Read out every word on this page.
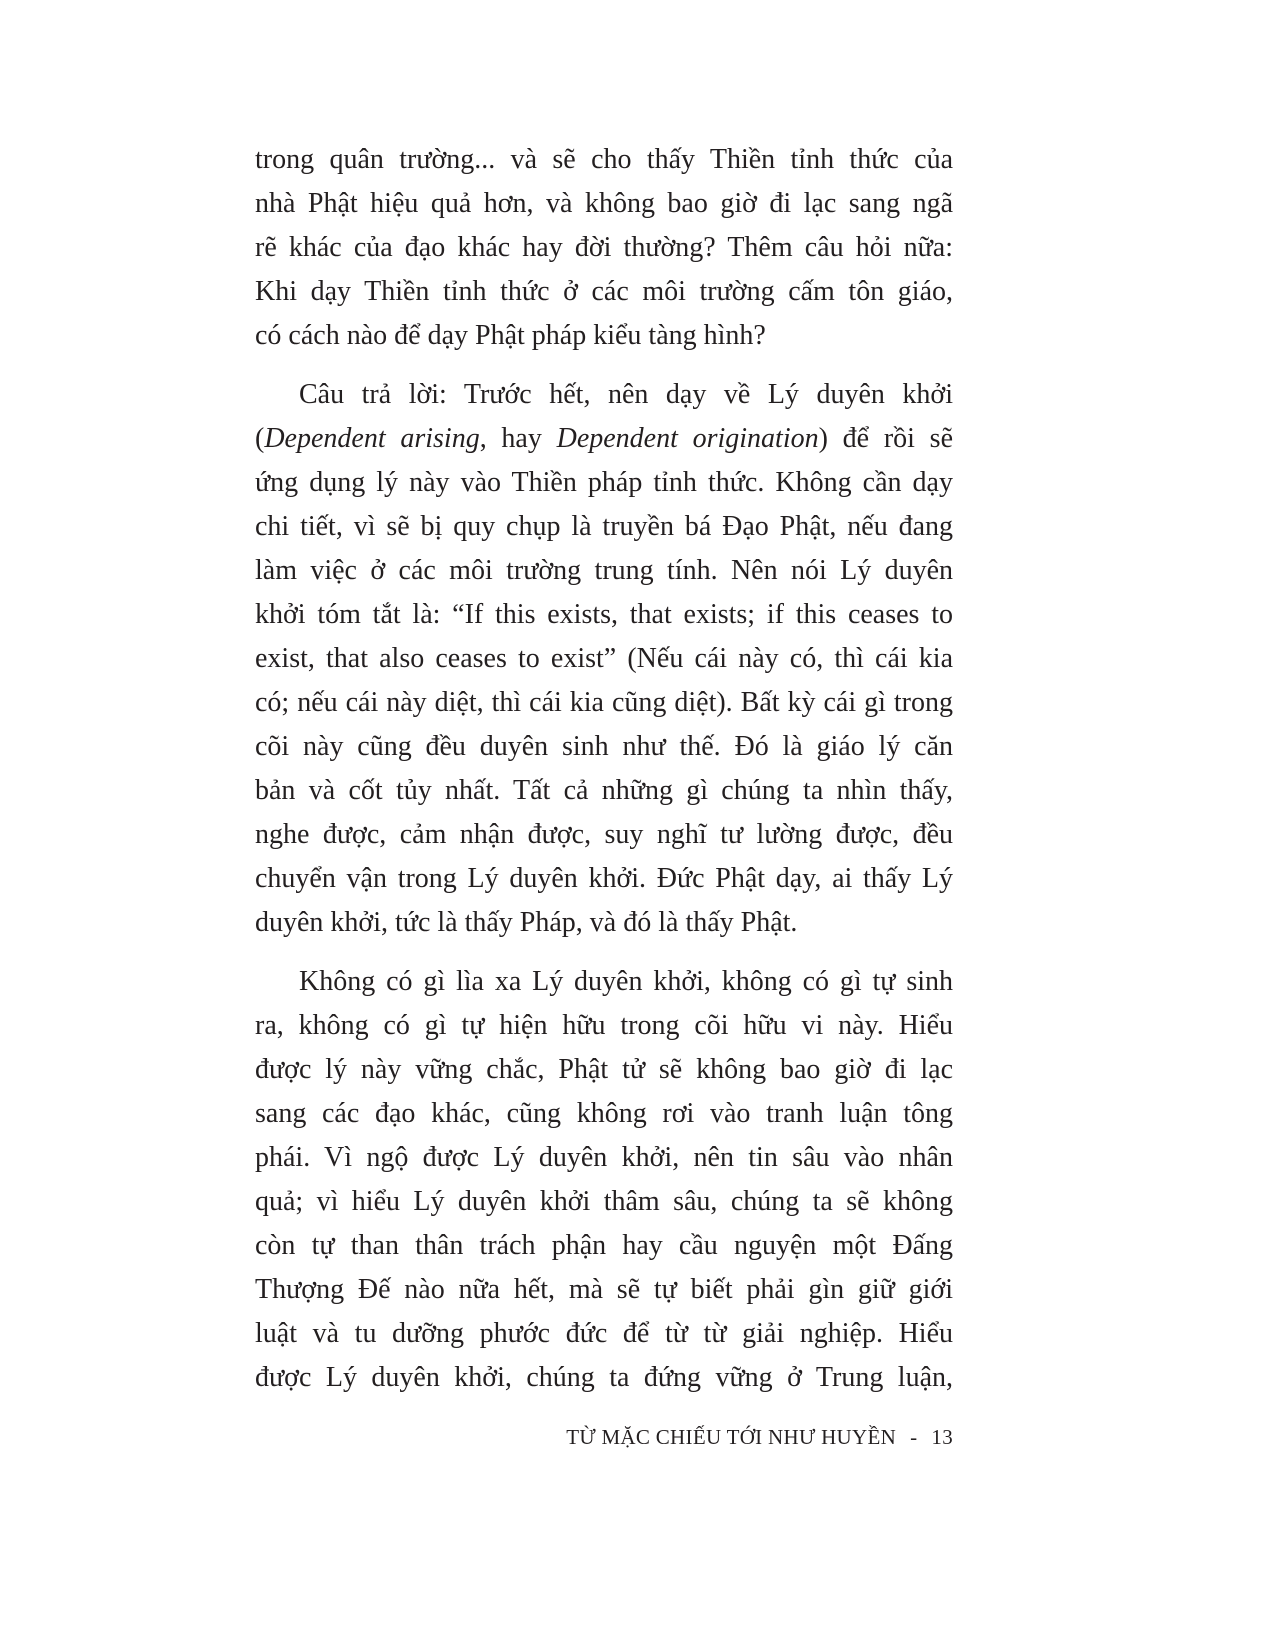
trong quân trường... và sẽ cho thấy Thiền tỉnh thức của
nhà Phật hiệu quả hơn, và không bao giờ đi lạc sang ngã
rẽ khác của đạo khác hay đời thường? Thêm câu hỏi nữa:
Khi dạy Thiền tỉnh thức ở các môi trường cấm tôn giáo,
có cách nào để dạy Phật pháp kiểu tàng hình?
Câu trả lời: Trước hết, nên dạy về Lý duyên khởi
(Dependent arising, hay Dependent origination) để rồi sẽ
ứng dụng lý này vào Thiền pháp tỉnh thức. Không cần dạy
chi tiết, vì sẽ bị quy chụp là truyền bá Đạo Phật, nếu đang
làm việc ở các môi trường trung tính. Nên nói Lý duyên
khởi tóm tắt là: “If this exists, that exists; if this ceases to
exist, that also ceases to exist” (Nếu cái này có, thì cái kia
có; nếu cái này diệt, thì cái kia cũng diệt). Bất kỳ cái gì trong
cõi này cũng đều duyên sinh như thế. Đó là giáo lý căn
bản và cốt tủy nhất. Tất cả những gì chúng ta nhìn thấy,
nghe được, cảm nhận được, suy nghĩ tư lường được, đều
chuyển vận trong Lý duyên khởi. Đức Phật dạy, ai thấy Lý
duyên khởi, tức là thấy Pháp, và đó là thấy Phật.
Không có gì lìa xa Lý duyên khởi, không có gì tự sinh
ra, không có gì tự hiện hữu trong cõi hữu vi này. Hiểu
được lý này vững chắc, Phật tử sẽ không bao giờ đi lạc
sang các đạo khác, cũng không rơi vào tranh luận tông
phái. Vì ngộ được Lý duyên khởi, nên tin sâu vào nhân
quả; vì hiểu Lý duyên khởi thâm sâu, chúng ta sẽ không
còn tự than thân trách phận hay cầu nguyện một Đấng
Thượng Đế nào nữa hết, mà sẽ tự biết phải gìn giữ giới
luật và tu dưỡng phước đức để từ từ giải nghiệp. Hiểu
được Lý duyên khởi, chúng ta đứng vững ở Trung luận,
TỪ MẶC CHIẾU TỚI NHƯ HUYỀN - 13
